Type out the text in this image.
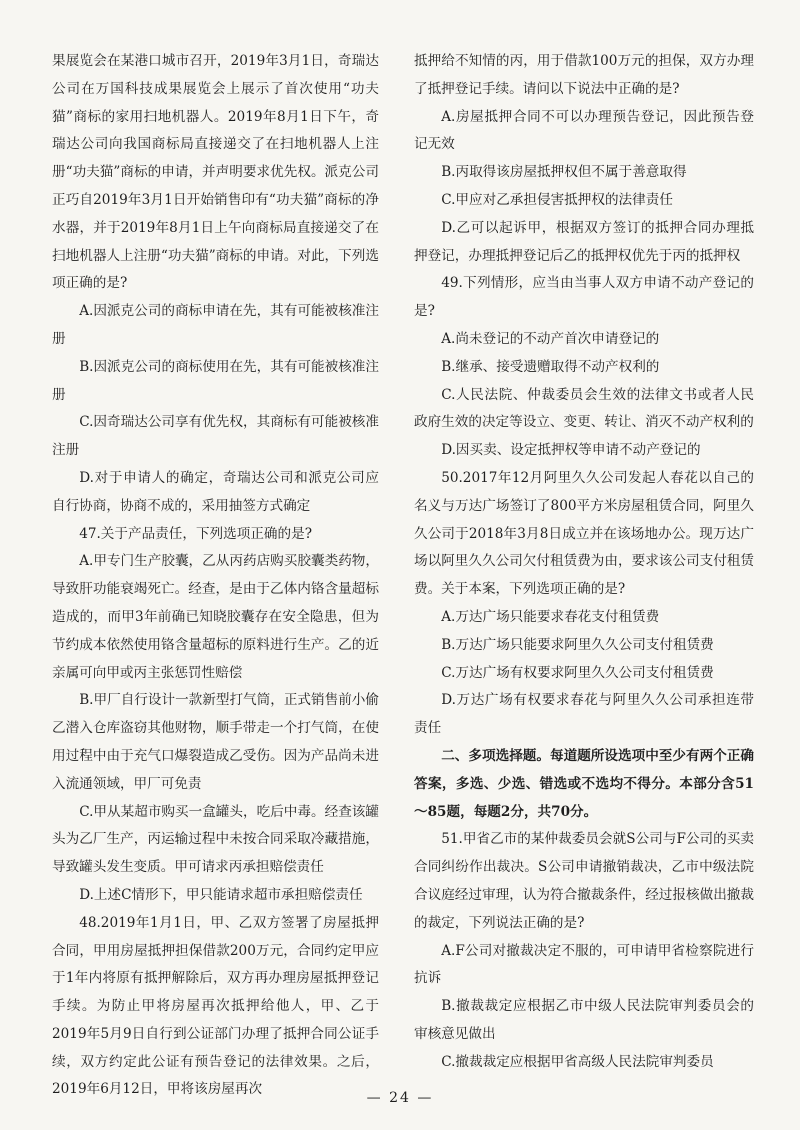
果展览会在某港口城市召开，2019年3月1日，奇瑞达公司在万国科技成果展览会上展示了首次使用“功夫猫”商标的家用扫地机器人。2019年8月1日下午，奇瑞达公司向我国商标局直接递交了在扫地机器人上注册“功夫猫”商标的申请，并声明要求优先权。派克公司正巧自2019年3月1日开始销售印有“功夫猫”商标的净水器，并于2019年8月1日上午向商标局直接递交了在扫地机器人上注册“功夫猫”商标的申请。对此，下列选项正确的是?

A.因派克公司的商标申请在先，其有可能被核准注册

B.因派克公司的商标使用在先，其有可能被核准注册

C.因奇瑞达公司享有优先权，其商标有可能被核准注册

D.对于申请人的确定，奇瑞达公司和派克公司应自行协商，协商不成的，采用抽签方式确定

47.关于产品责任，下列选项正确的是?

A.甲专门生产胶囊，乙从丙药店购买胶囊类药物，导致肝功能衰竭死亡。经查，是由于乙体内铬含量超标造成的，而甲3年前确已知晓胶囊存在安全隐患，但为节约成本依然使用铬含量超标的原料进行生产。乙的近亲属可向甲或丙主张惩罚性赔偿

B.甲厂自行设计一款新型打气筒，正式销售前小偷乙潜入仓库盗窃其他财物，顺手带走一个打气筒，在使用过程中由于充气口爆裂造成乙受伤。因为产品尚未进入流通领域，甲厂可免责

C.甲从某超市购买一盒罐头，吃后中毒。经查该罐头为乙厂生产，丙运输过程中未按合同采取冷藏措施，导致罐头发生变质。甲可请求丙承担赔偿责任

D.上述C情形下，甲只能请求超市承担赔偿责任

48.2019年1月1日，甲、乙双方签署了房屋抵押合同，甲用房屋抵押担保借款200万元，合同约定甲应于1年内将原有抵押解除后，双方再办理房屋抵押登记手续。为防止甲将房屋再次抵押给他人，甲、乙于2019年5月9日自行到公证部门办理了抵押合同公证手续，双方约定此公证有预告登记的法律效果。之后，2019年6月12日，甲将该房屋再次

抵押给不知情的丙，用于借款100万元的担保，双方办理了抵押登记手续。请问以下说法中正确的是?

A.房屋抵押合同不可以办理预告登记，因此预告登记无效

B.丙取得该房屋抵押权但不属于善意取得

C.甲应对乙承担侵害抵押权的法律责任

D.乙可以起诉甲，根据双方签订的抵押合同办理抵押登记，办理抵押登记后乙的抵押权优先于丙的抵押权

49.下列情形，应当由当事人双方申请不动产登记的是?

A.尚未登记的不动产首次申请登记的

B.继承、接受遗赠取得不动产权利的

C.人民法院、仲裁委员会生效的法律文书或者人民政府生效的决定等设立、变更、转让、消灭不动产权利的

D.因买卖、设定抵押权等申请不动产登记的

50.2017年12月阿里久久公司发起人春花以自己的名义与万达广场签订了800平方米房屋租赁合同，阿里久久公司于2018年3月8日成立并在该场地办公。现万达广场以阿里久久公司欠付租赁费为由，要求该公司支付租赁费。关于本案，下列选项正确的是?

A.万达广场只能要求春花支付租赁费

B.万达广场只能要求阿里久久公司支付租赁费

C.万达广场有权要求阿里久久公司支付租赁费

D.万达广场有权要求春花与阿里久久公司承担连带责任

二、多项选择题。每道题所设选项中至少有两个正确答案，多选、少选、错选或不选均不得分。本部分含51～85题，每题2分，共70分。

51.甲省乙市的某仲裁委员会就S公司与F公司的买卖合同纠纷作出裁决。S公司申请撤销裁决，乙市中级法院合议庭经过审理，认为符合撤裁条件，经过报核做出撤裁的裁定，下列说法正确的是?

A.F公司对撤裁决定不服的，可申请甲省检察院进行抗诉

B.撤裁裁定应根据乙市中级人民法院审判委员会的审核意见做出

C.撤裁裁定应根据甲省高级人民法院审判委员

— 24 —
